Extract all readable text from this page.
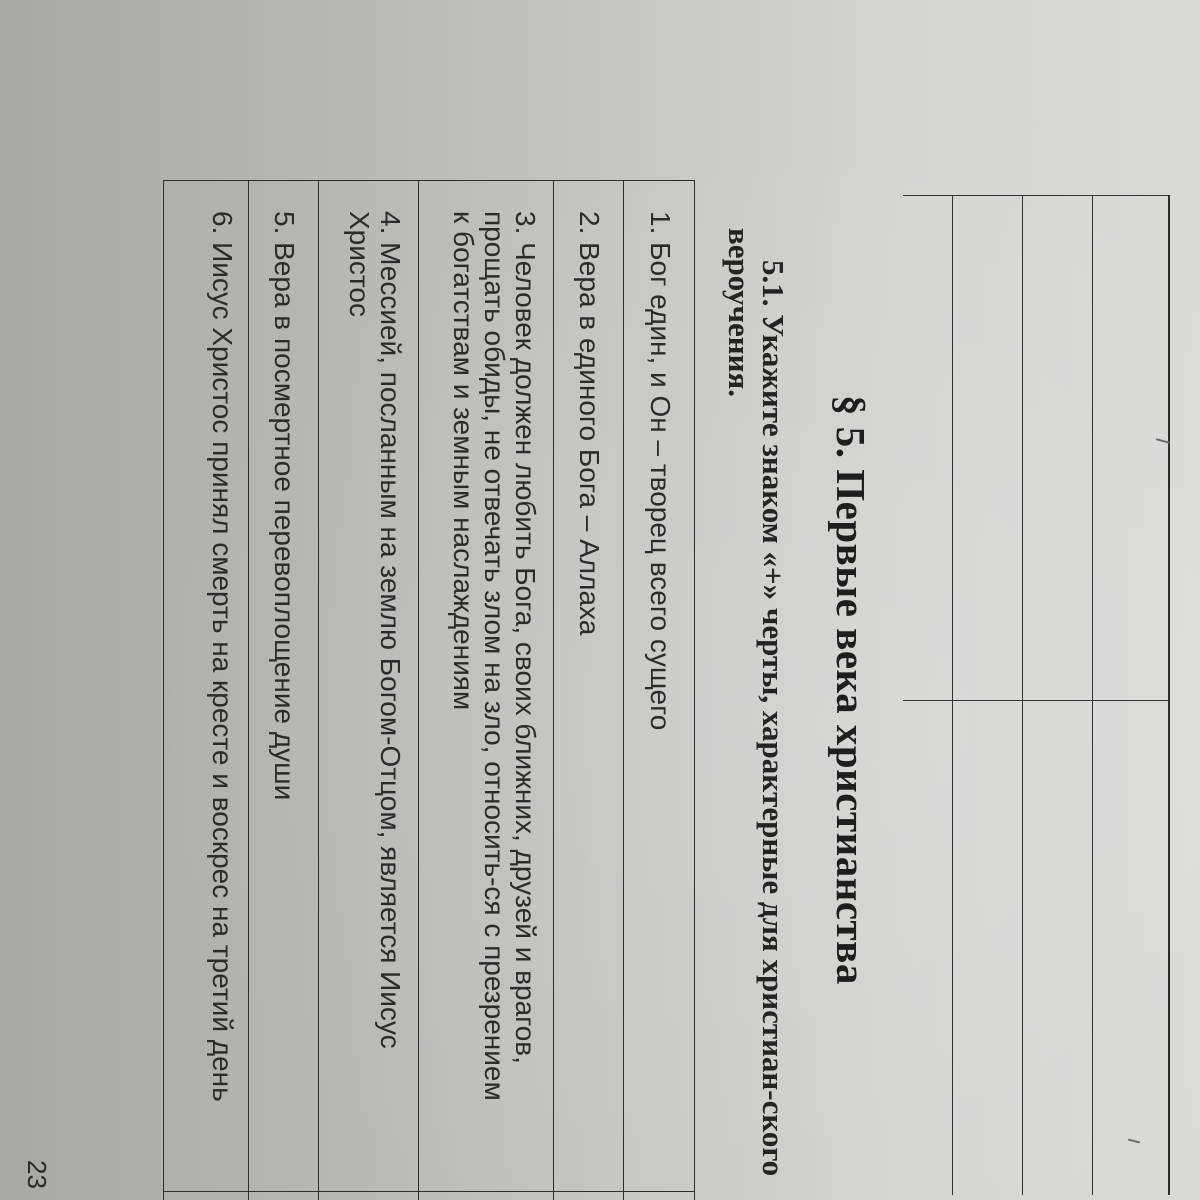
§ 5. Первые века христианства
5.1. Укажите знаком «+» черты, характерные для христиан-ского вероучения.
1. Бог един, и Он – творец всего сущего
2. Вера в единого Бога – Аллаха
3. Человек должен любить Бога, своих ближних, друзей и врагов, прощать обиды, не отвечать злом на зло, относить-ся с презрением к богатствам и земным наслаждениям
4. Мессией, посланным на землю Богом-Отцом, является Иисус Христос
5. Вера в посмертное перевоплощение души
6. Иисус Христос принял смерть на кресте и воскрес на третий день
23
